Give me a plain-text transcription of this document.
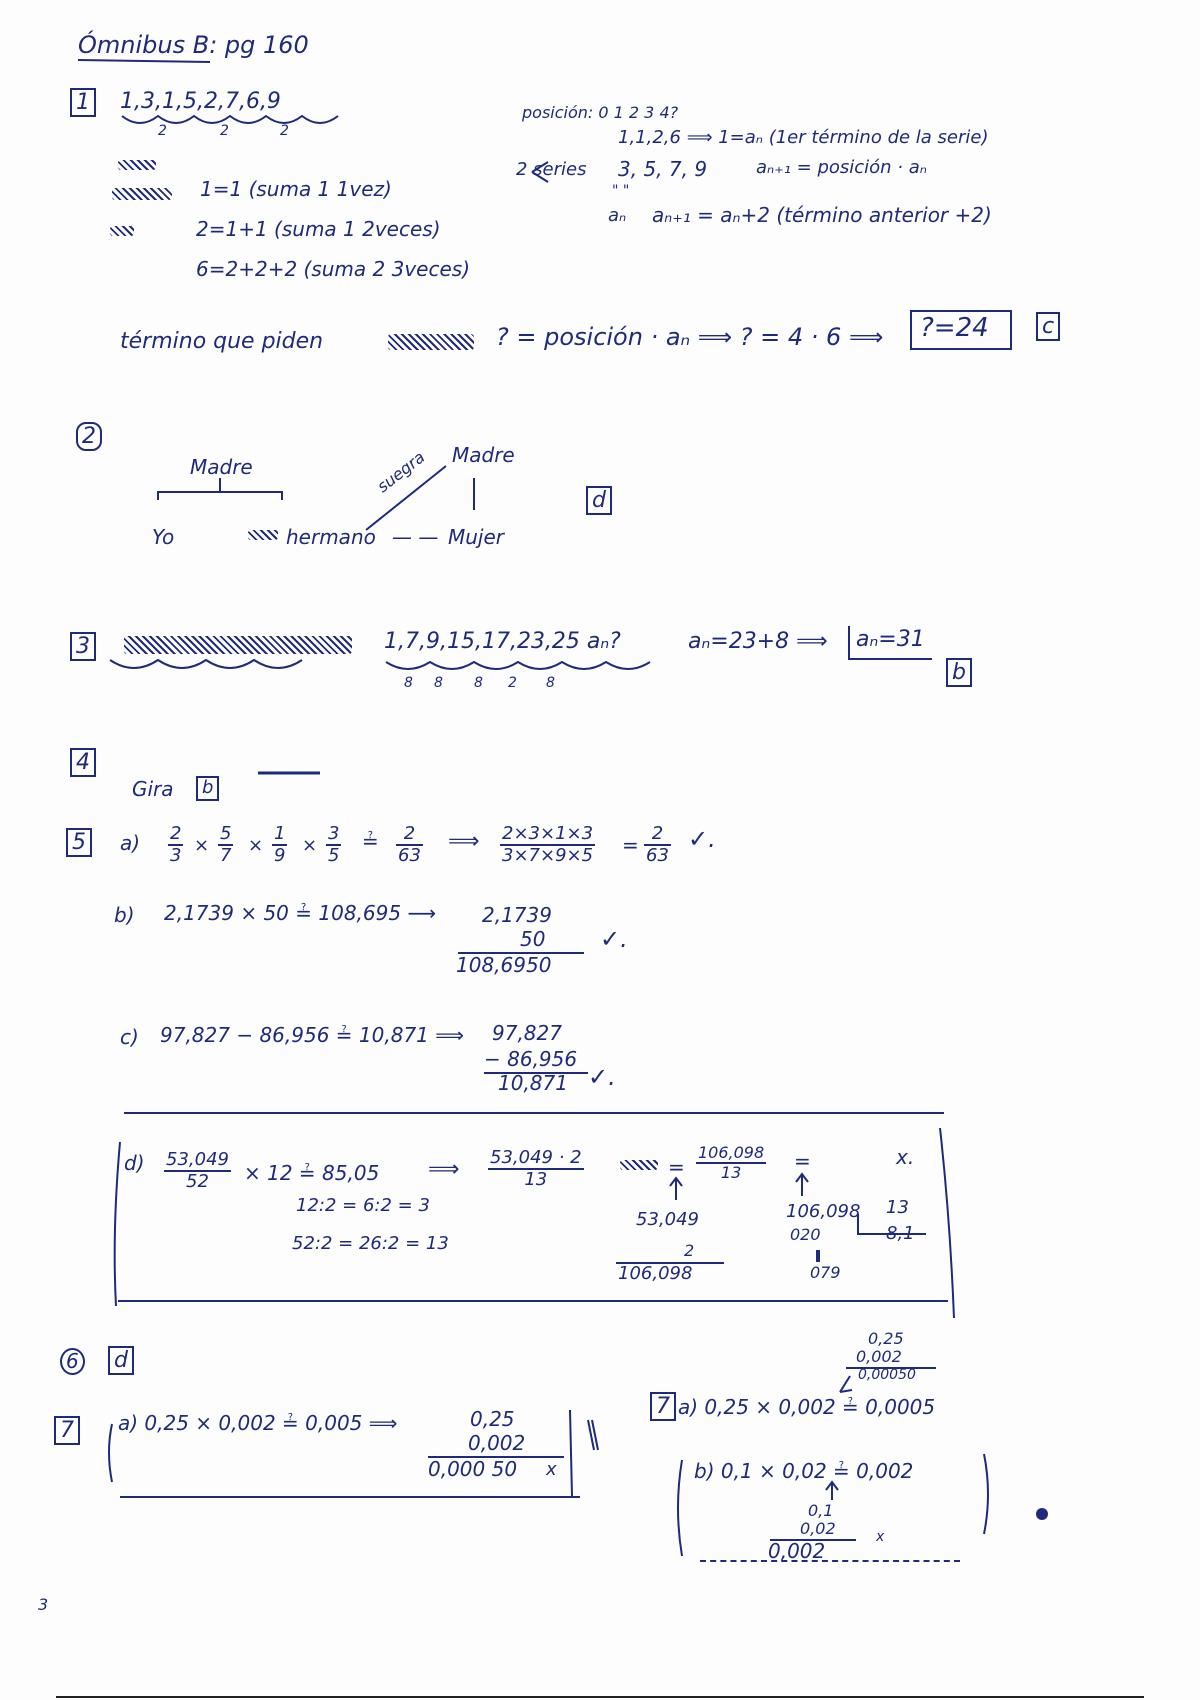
Ómnibus B: pg 160
1 1,3,1,5,2,7,6,9
2	2	2
posición: 0 1 2 3 4?
1,1,2,6 ⟹ 1=aₙ (1er término de la serie)
2 series 3, 5, 7, 9	aₙ₊₁ = posición · aₙ
" "
aₙ aₙ₊₁ = aₙ+2 (término anterior +2)
1=1 (suma 1 1vez)
2=1+1 (suma 1 2veces)
6=2+2+2 (suma 2 3veces)
término que piden	? = posición · aₙ ⟹ ? = 4 · 6 ⟹ ?=24 c
2
Madre	Madre
suegra
Yo	hermano — — Mujer
d
3	1,7,9,15,17,23,25 aₙ?
8 8 8 2 8
aₙ=23+8 ⟹ aₙ=31
b
4
Gira	b
5	$a) \frac{2}{3} \times \frac{5}{7} \times \frac{1}{9} \times \frac{3}{5}$ ≟ $\frac{2}{63}$ ⟹ $\frac{2\times 3\times 1\times 3}{3\times 7\times 9\times 5} = \frac{2}{63}$ ✓.
b) 2,1739 × 50 ≟ 108,695 ⟶ 2,1739
50
108,6950
✓.
c) 97,827 − 86,956 ≟ 10,871 ⟹ 97,827
− 86,956
10,871 ✓.
$d) \frac{53,049}{52} \times 12$ ≟ 85,05 ⟹ $\frac{53,049 \cdot 2}{13}$	= $\frac{106,098}{13}$ =	x.
12:2 = 6:2 = 3
52:2 = 26:2 = 13
53,049
2
106,098
106,098
020
079
13
8,1
6 d
7	a) 0,25 × 0,002 ≟ 0,005 ⟹	0,25
0,002
0,000 50 x
0,25
0,002
0,00050
7 a) 0,25 × 0,002 ≟ 0,0005
b) 0,1 × 0,02 ≟ 0,002
0,1
0,02
0,002
x
3
